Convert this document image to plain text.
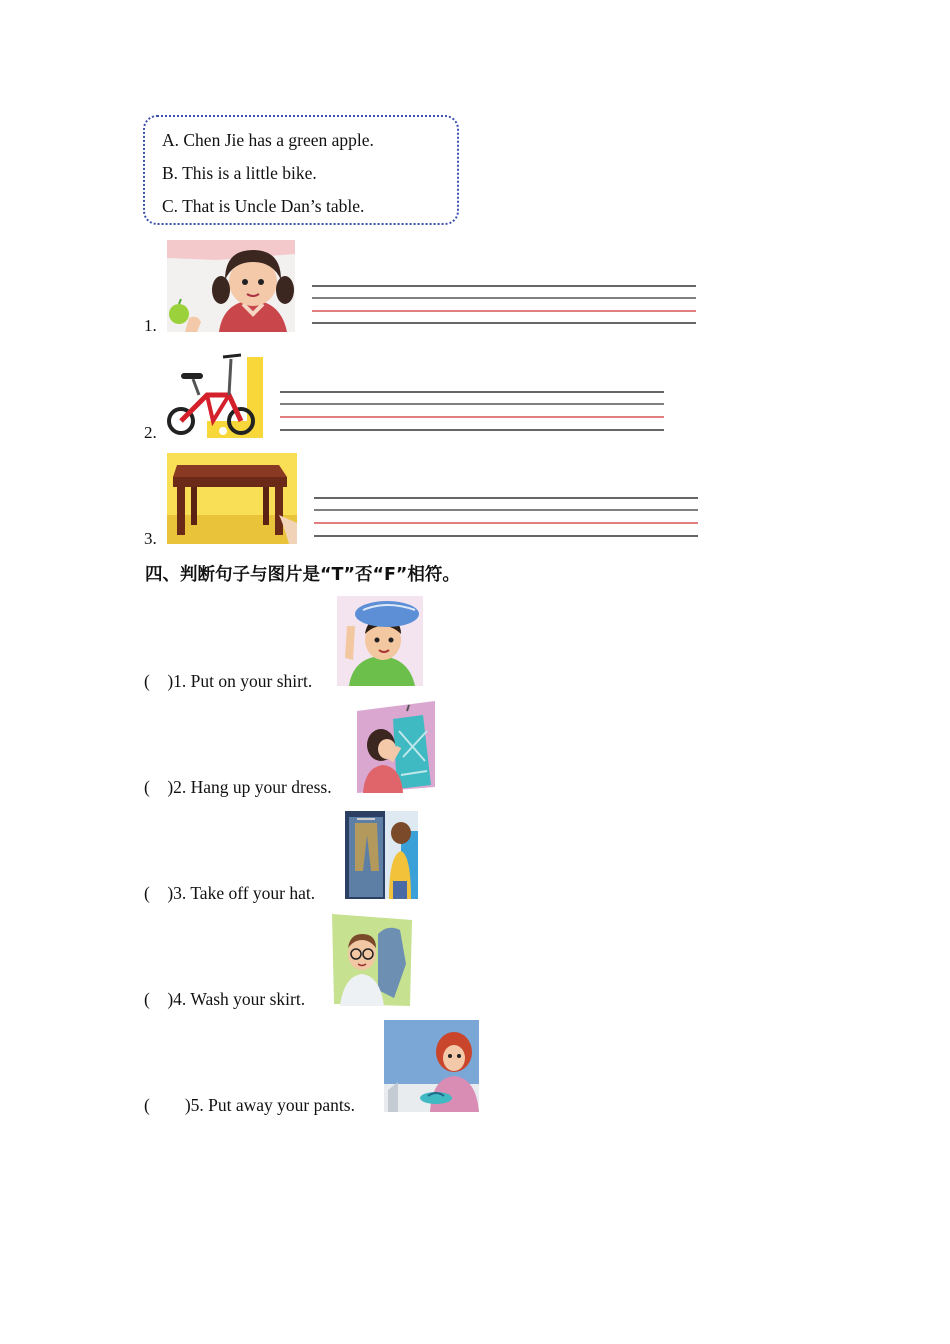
A. Chen Jie has a green apple.
B. This is a little bike.
C. That is Uncle Dan’s table.
1.
2.
3.
四、判断句子与图片是“T”否“F”相符。
(    )1. Put on your shirt.
(    )2. Hang up your dress.
(    )3. Take off your hat.
(    )4. Wash your skirt.
(        )5. Put away your pants.
